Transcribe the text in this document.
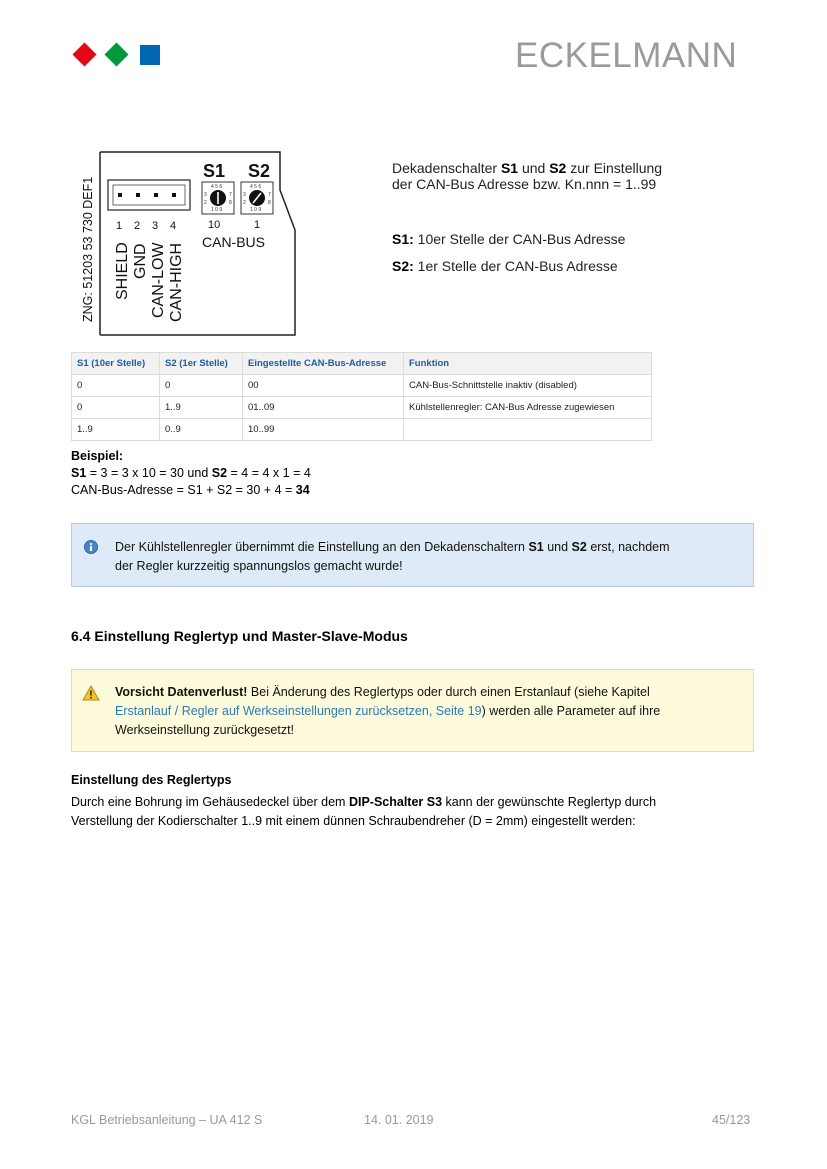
ECKELMANN
ZNG: 51203 53 730 DEF1 1 2 3 4
SHIELD GND CAN-LOW CAN-HIGH
S1 S2
4 5 6
3	7
2	8
1 0 9
4 5 6
3	7
2	8
1 0 9
10	1
CAN-BUS
Dekadenschalter S1 und S2 zur Einstellung
der CAN-Bus Adresse bzw. Kn.nnn = 1..99
S1: 10er Stelle der CAN-Bus Adresse
S2: 1er Stelle der CAN-Bus Adresse
S1 (10er Stelle)	S2 (1er Stelle)	Eingestellte CAN-Bus-Adresse	Funktion
0	0	00	CAN-Bus-Schnittstelle inaktiv (disabled)
0	1..9	01..09	Kühlstellenregler: CAN-Bus Adresse zugewiesen
1..9	0..9	10..99	
Beispiel:
S1 = 3 = 3 x 10 = 30 und S2 = 4 = 4 x 1 = 4
CAN-Bus-Adresse = S1 + S2 = 30 + 4 = 34
Der Kühlstellenregler übernimmt die Einstellung an den Dekadenschaltern S1 und S2 erst, nachdem
der Regler kurzzeitig spannungslos gemacht wurde!
6.4 Einstellung Reglertyp und Master-Slave-Modus
Vorsicht Datenverlust! Bei Änderung des Reglertyps oder durch einen Erstanlauf (siehe Kapitel
Erstanlauf / Regler auf Werkseinstellungen zurücksetzen, Seite 19) werden alle Parameter auf ihre
Werkseinstellung zurückgesetzt!
Einstellung des Reglertyps
Durch eine Bohrung im Gehäusedeckel über dem DIP-Schalter S3 kann der gewünschte Reglertyp durch
Verstellung der Kodierschalter 1..9 mit einem dünnen Schraubendreher (D = 2mm) eingestellt werden:
KGL Betriebsanleitung – UA 412 S	14. 01. 2019	45/123
